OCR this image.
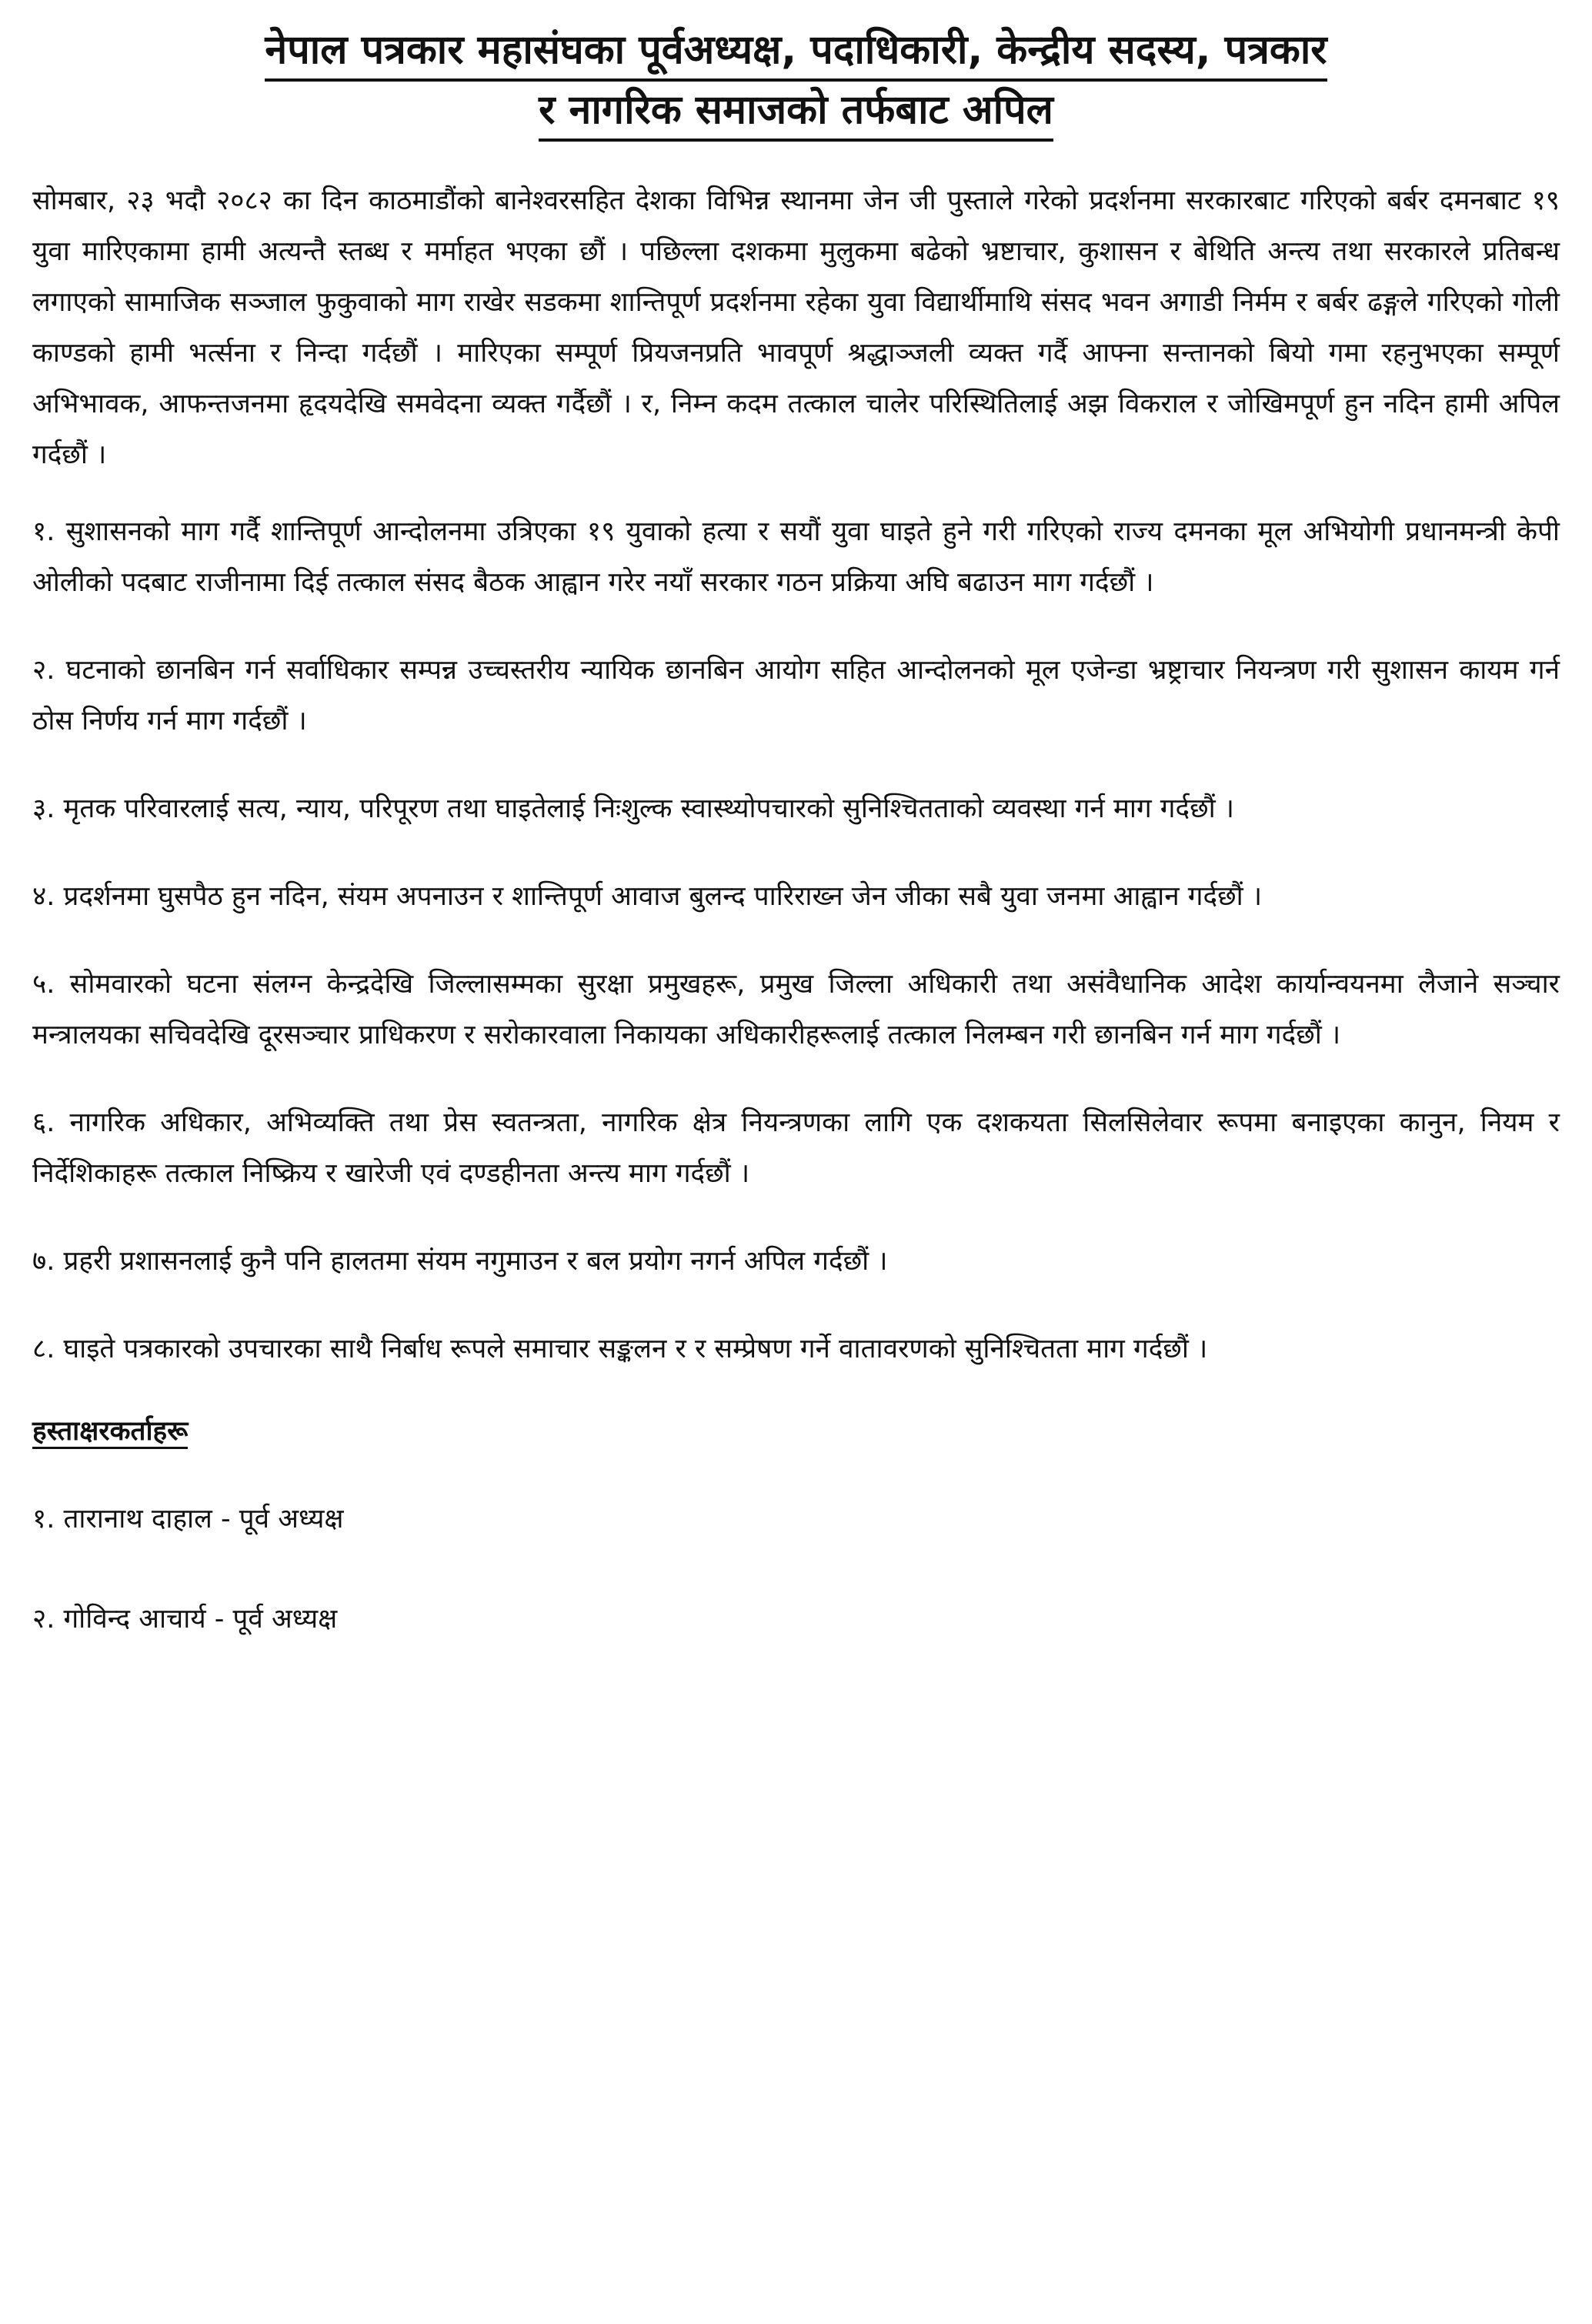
नेपाल पत्रकार महासंघका पूर्वअध्यक्ष, पदाधिकारी, केन्द्रीय सदस्य, पत्रकार
र नागरिक समाजको तर्फबाट अपिल

सोमबार, २३ भदौ २०८२ का दिन काठमाडौंको बानेश्वरसहित देशका विभिन्न स्थानमा जेन जी पुस्ताले गरेको प्रदर्शनमा सरकारबाट गरिएको बर्बर दमनबाट १९ युवा मारिएकामा हामी अत्यन्तै स्तब्ध र मर्माहत भएका छौं । पछिल्ला दशकमा मुलुकमा बढेको भ्रष्टाचार, कुशासन र बेथिति अन्त्य तथा सरकारले प्रतिबन्ध लगाएको सामाजिक सञ्जाल फुकुवाको माग राखेर सडकमा शान्तिपूर्ण प्रदर्शनमा रहेका युवा विद्यार्थीमाथि संसद भवन अगाडी निर्मम र बर्बर ढङ्गले गरिएको गोली काण्डको हामी भर्त्सना र निन्दा गर्दछौं । मारिएका सम्पूर्ण प्रियजनप्रति भावपूर्ण श्रद्धाञ्जली व्यक्त गर्दै आफ्ना सन्तानको बियो गमा रहनुभएका सम्पूर्ण अभिभावक, आफन्तजनमा हृदयदेखि समवेदना व्यक्त गर्दैछौं । र, निम्न कदम तत्काल चालेर परिस्थितिलाई अझ विकराल र जोखिमपूर्ण हुन नदिन हामी अपिल गर्दछौं ।

१. सुशासनको माग गर्दै शान्तिपूर्ण आन्दोलनमा उत्रिएका १९ युवाको हत्या र सयौं युवा घाइते हुने गरी गरिएको राज्य दमनका मूल अभियोगी प्रधानमन्त्री केपी ओलीको पदबाट राजीनामा दिई तत्काल संसद बैठक आह्वान गरेर नयाँ सरकार गठन प्रक्रिया अघि बढाउन माग गर्दछौं ।
२. घटनाको छानबिन गर्न सर्वाधिकार सम्पन्न उच्चस्तरीय न्यायिक छानबिन आयोग सहित आन्दोलनको मूल एजेन्डा भ्रष्ट्राचार नियन्त्रण गरी सुशासन कायम गर्न ठोस निर्णय गर्न माग गर्दछौं ।
३. मृतक परिवारलाई सत्य, न्याय, परिपूरण तथा घाइतेलाई निःशुल्क स्वास्थ्योपचारको सुनिश्चितताको व्यवस्था गर्न माग गर्दछौं ।
४. प्रदर्शनमा घुसपैठ हुन नदिन, संयम अपनाउन र शान्तिपूर्ण आवाज बुलन्द पारिराख्न जेन जीका सबै युवा जनमा आह्वान गर्दछौं ।
५. सोमवारको घटना संलग्न केन्द्रदेखि जिल्लासम्मका सुरक्षा प्रमुखहरू, प्रमुख जिल्ला अधिकारी तथा असंवैधानिक आदेश कार्यान्वयनमा लैजाने सञ्चार मन्त्रालयका सचिवदेखि दूरसञ्चार प्राधिकरण र सरोकारवाला निकायका अधिकारीहरूलाई तत्काल निलम्बन गरी छानबिन गर्न माग गर्दछौं ।
६. नागरिक अधिकार, अभिव्यक्ति तथा प्रेस स्वतन्त्रता, नागरिक क्षेत्र नियन्त्रणका लागि एक दशकयता सिलसिलेवार रूपमा बनाइएका कानुन, नियम र निर्देशिकाहरू तत्काल निष्क्रिय र खारेजी एवं दण्डहीनता अन्त्य माग गर्दछौं ।
७. प्रहरी प्रशासनलाई कुनै पनि हालतमा संयम नगुमाउन र बल प्रयोग नगर्न अपिल गर्दछौं ।
८. घाइते पत्रकारको उपचारका साथै निर्बाध रूपले समाचार सङ्कलन र र सम्प्रेषण गर्ने वातावरणको सुनिश्चितता माग गर्दछौं ।
हस्ताक्षरकर्ताहरू
१. तारानाथ दाहाल - पूर्व अध्यक्ष
२. गोविन्द आचार्य - पूर्व अध्यक्ष
